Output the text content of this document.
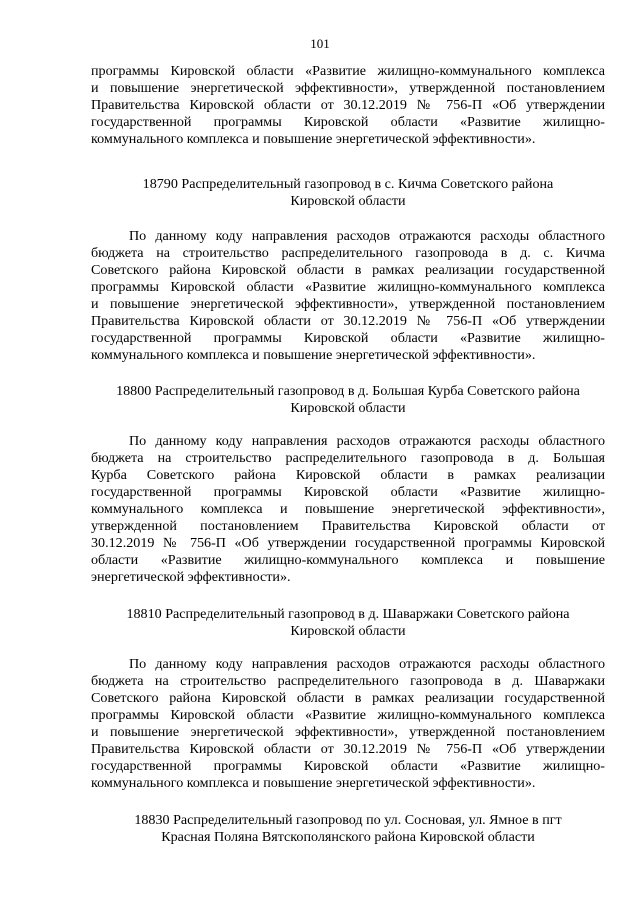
101
программы Кировской области «Развитие жилищно-коммунального комплекса
и повышение энергетической эффективности», утвержденной постановлением
Правительства Кировской области от 30.12.2019 № 756-П «Об утверждении
государственной программы Кировской области «Развитие жилищно-
коммунального комплекса и повышение энергетической эффективности».
18790 Распределительный газопровод в с. Кичма Советского района
Кировской области
По данному коду направления расходов отражаются расходы областного
бюджета на строительство распределительного газопровода в д. с. Кичма
Советского района Кировской области в рамках реализации государственной
программы Кировской области «Развитие жилищно-коммунального комплекса
и повышение энергетической эффективности», утвержденной постановлением
Правительства Кировской области от 30.12.2019 № 756-П «Об утверждении
государственной программы Кировской области «Развитие жилищно-
коммунального комплекса и повышение энергетической эффективности».
18800 Распределительный газопровод в д. Большая Курба Советского района
Кировской области
По данному коду направления расходов отражаются расходы областного
бюджета на строительство распределительного газопровода в д. Большая
Курба Советского района Кировской области в рамках реализации
государственной программы Кировской области «Развитие жилищно-
коммунального комплекса и повышение энергетической эффективности»,
утвержденной постановлением Правительства Кировской области от
30.12.2019 № 756-П «Об утверждении государственной программы Кировской
области «Развитие жилищно-коммунального комплекса и повышение
энергетической эффективности».
18810 Распределительный газопровод в д. Шаваржаки Советского района
Кировской области
По данному коду направления расходов отражаются расходы областного
бюджета на строительство распределительного газопровода в д. Шаваржаки
Советского района Кировской области в рамках реализации государственной
программы Кировской области «Развитие жилищно-коммунального комплекса
и повышение энергетической эффективности», утвержденной постановлением
Правительства Кировской области от 30.12.2019 № 756-П «Об утверждении
государственной программы Кировской области «Развитие жилищно-
коммунального комплекса и повышение энергетической эффективности».
18830 Распределительный газопровод по ул. Сосновая, ул. Ямное в пгт
Красная Поляна Вятскополянского района Кировской области
